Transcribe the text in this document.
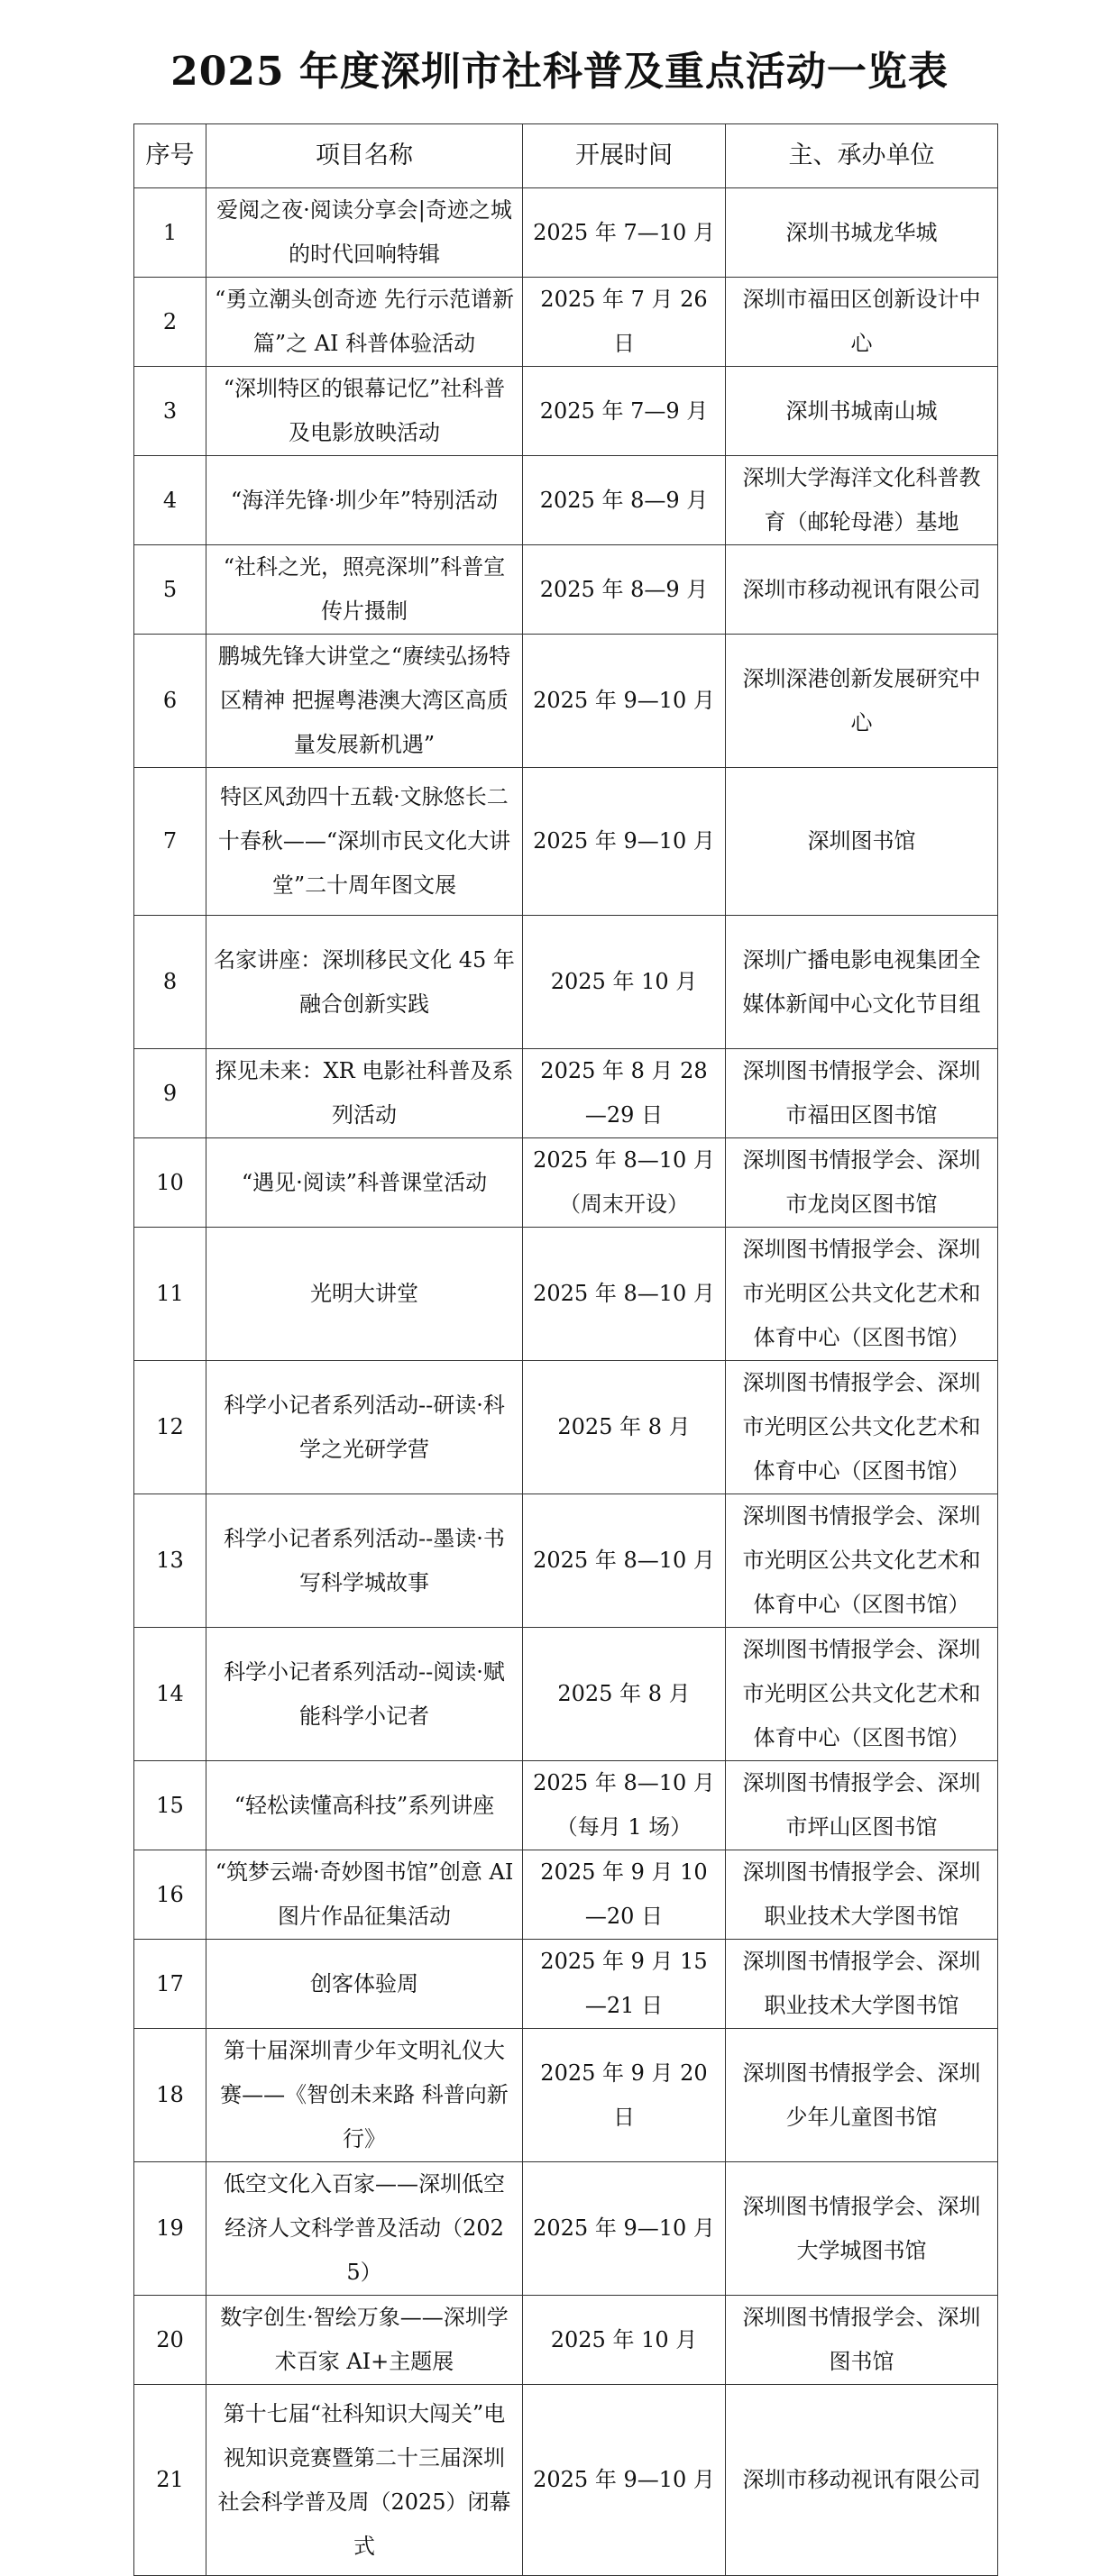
2025 年度深圳市社科普及重点活动一览表
序号	项目名称	开展时间	主、承办单位
1	爱阅之夜·阅读分享会|奇迹之城的时代回响特辑	2025 年 7—10 月	深圳书城龙华城
2	“勇立潮头创奇迹 先行示范谱新篇”之 AI 科普体验活动	2025 年 7 月 26 日	深圳市福田区创新设计中心
3	“深圳特区的银幕记忆”社科普及电影放映活动	2025 年 7—9 月	深圳书城南山城
4	“海洋先锋·圳少年”特别活动	2025 年 8—9 月	深圳大学海洋文化科普教育（邮轮母港）基地
5	“社科之光，照亮深圳”科普宣传片摄制	2025 年 8—9 月	深圳市移动视讯有限公司
6	鹏城先锋大讲堂之“赓续弘扬特区精神 把握粤港澳大湾区高质量发展新机遇”	2025 年 9—10 月	深圳深港创新发展研究中心
7	特区风劲四十五载·文脉悠长二十春秋——“深圳市民文化大讲堂”二十周年图文展	2025 年 9—10 月	深圳图书馆
8	名家讲座：深圳移民文化 45 年融合创新实践	2025 年 10 月	深圳广播电影电视集团全媒体新闻中心文化节目组
9	探见未来：XR 电影社科普及系列活动	2025 年 8 月 28—29 日	深圳图书情报学会、深圳市福田区图书馆
10	“遇见·阅读”科普课堂活动	2025 年 8—10 月（周末开设）	深圳图书情报学会、深圳市龙岗区图书馆
11	光明大讲堂	2025 年 8—10 月	深圳图书情报学会、深圳市光明区公共文化艺术和体育中心（区图书馆）
12	科学小记者系列活动--研读·科学之光研学营	2025 年 8 月	深圳图书情报学会、深圳市光明区公共文化艺术和体育中心（区图书馆）
13	科学小记者系列活动--墨读·书写科学城故事	2025 年 8—10 月	深圳图书情报学会、深圳市光明区公共文化艺术和体育中心（区图书馆）
14	科学小记者系列活动--阅读·赋能科学小记者	2025 年 8 月	深圳图书情报学会、深圳市光明区公共文化艺术和体育中心（区图书馆）
15	“轻松读懂高科技”系列讲座	2025 年 8—10 月（每月 1 场）	深圳图书情报学会、深圳市坪山区图书馆
16	“筑梦云端·奇妙图书馆”创意 AI 图片作品征集活动	2025 年 9 月 10—20 日	深圳图书情报学会、深圳职业技术大学图书馆
17	创客体验周	2025 年 9 月 15—21 日	深圳图书情报学会、深圳职业技术大学图书馆
18	第十届深圳青少年文明礼仪大赛——《智创未来路 科普向新行》	2025 年 9 月 20 日	深圳图书情报学会、深圳少年儿童图书馆
19	低空文化入百家——深圳低空经济人文科学普及活动（2025）	2025 年 9—10 月	深圳图书情报学会、深圳大学城图书馆
20	数字创生·智绘万象——深圳学术百家 AI+主题展	2025 年 10 月	深圳图书情报学会、深圳图书馆
21	第十七届“社科知识大闯关”电视知识竞赛暨第二十三届深圳社会科学普及周（2025）闭幕式	2025 年 9—10 月	深圳市移动视讯有限公司
